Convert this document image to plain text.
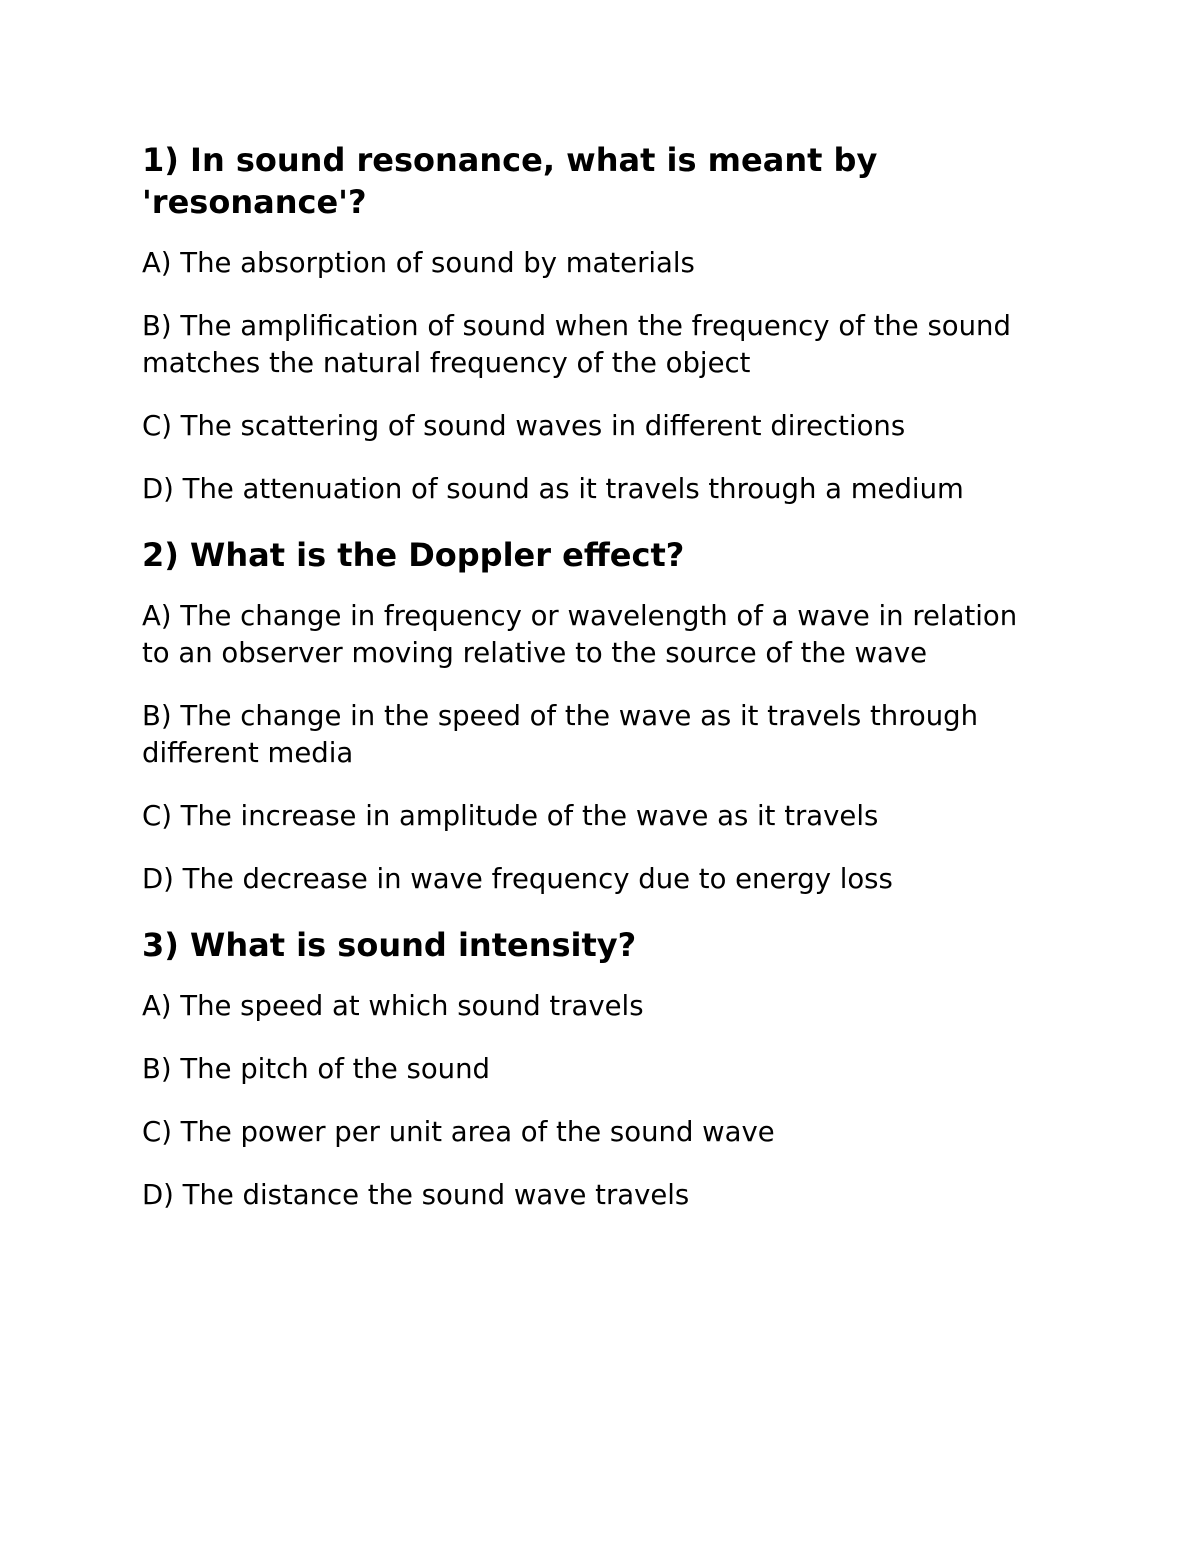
1) In sound resonance, what is meant by 'resonance'?

A) The absorption of sound by materials

B) The amplification of sound when the frequency of the sound matches the natural frequency of the object

C) The scattering of sound waves in different directions

D) The attenuation of sound as it travels through a medium

2) What is the Doppler effect?

A) The change in frequency or wavelength of a wave in relation to an observer moving relative to the source of the wave

B) The change in the speed of the wave as it travels through different media

C) The increase in amplitude of the wave as it travels

D) The decrease in wave frequency due to energy loss

3) What is sound intensity?

A) The speed at which sound travels

B) The pitch of the sound

C) The power per unit area of the sound wave

D) The distance the sound wave travels
